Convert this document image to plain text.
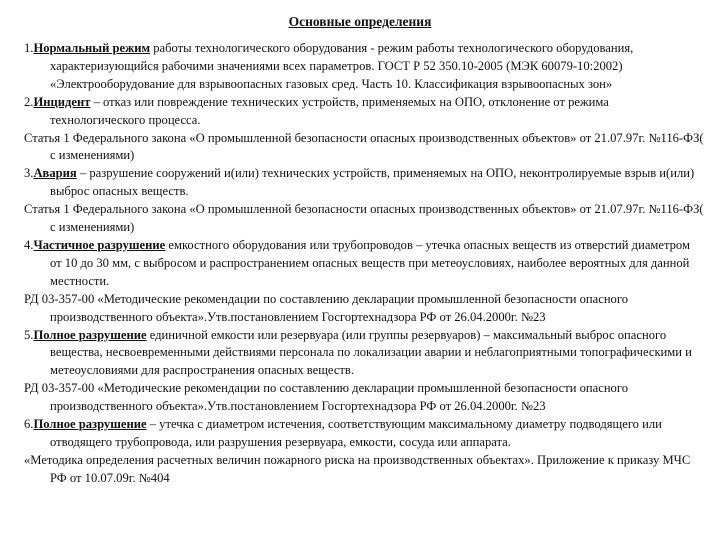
Основные определения

1.Нормальный режим работы технологического оборудования - режим работы технологического оборудования, характеризующийся рабочими значениями всех параметров. ГОСТ Р 52 350.10-2005 (МЭК 60079-10:2002) «Электрооборудование для взрывоопасных газовых сред. Часть 10. Классификация взрывоопасных зон»

2.Инцидент – отказ или повреждение технических устройств, применяемых на ОПО, отклонение от режима технологического процесса.

Статья 1 Федерального закона «О промышленной безопасности опасных производственных объектов» от 21.07.97г. №116-ФЗ( с изменениями)

3.Авария – разрушение сооружений и(или) технических устройств, применяемых на ОПО, неконтролируемые взрыв и(или) выброс опасных веществ.

Статья 1 Федерального закона «О промышленной безопасности опасных производственных объектов» от 21.07.97г. №116-ФЗ( с изменениями)

4.Частичное разрушение емкостного оборудования или трубопроводов – утечка опасных веществ из отверстий диаметром от 10 до 30 мм, с выбросом и распространением опасных веществ при метеоусловиях, наиболее вероятных для данной местности.

РД 03-357-00 «Методические рекомендации по составлению декларации промышленной безопасности опасного производственного объекта».Утв.постановлением Госгортехнадзора РФ от 26.04.2000г. №23

5.Полное разрушение единичной емкости или резервуара (или группы резервуаров) – максимальный выброс опасного вещества, несвоевременными действиями персонала по локализации аварии и неблагоприятными топографическими и метеоусловиями для распространения опасных веществ.

РД 03-357-00 «Методические рекомендации по составлению декларации промышленной безопасности опасного производственного объекта».Утв.постановлением Госгортехнадзора РФ от 26.04.2000г. №23

6.Полное разрушение – утечка с диаметром истечения, соответствующим максимальному диаметру подводящего или отводящего трубопровода, или разрушения резервуара, емкости, сосуда или аппарата.

«Методика определения расчетных величин пожарного риска на производственных объектах». Приложение к приказу МЧС РФ от 10.07.09г. №404
